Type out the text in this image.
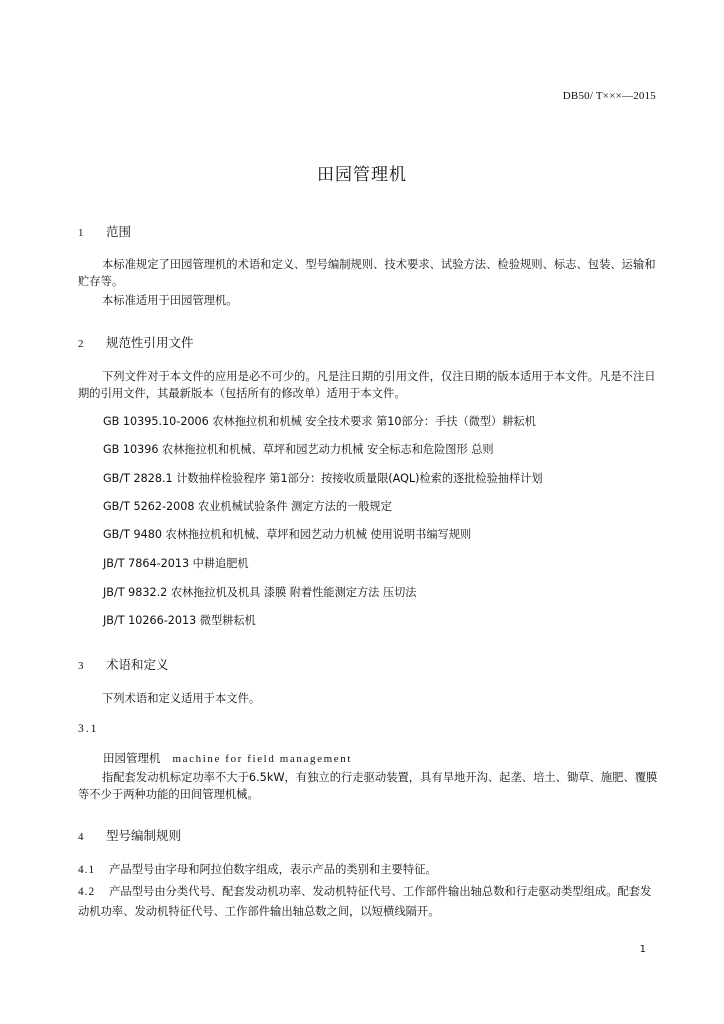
DB50/ T×××—2015
田园管理机
1 范围
本标准规定了田园管理机的术语和定义、型号编制规则、技术要求、试验方法、检验规则、标志、包装、运输和贮存等。
本标准适用于田园管理机。
2 规范性引用文件
下列文件对于本文件的应用是必不可少的。凡是注日期的引用文件，仅注日期的版本适用于本文件。凡是不注日期的引用文件，其最新版本（包括所有的修改单）适用于本文件。
GB 10395.10-2006 农林拖拉机和机械 安全技术要求 第10部分：手扶（微型）耕耘机
GB 10396 农林拖拉机和机械、草坪和园艺动力机械 安全标志和危险图形 总则
GB/T 2828.1 计数抽样检验程序 第1部分：按接收质量限(AQL)检索的逐批检验抽样计划
GB/T 5262-2008 农业机械试验条件 测定方法的一般规定
GB/T 9480 农林拖拉机和机械、草坪和园艺动力机械 使用说明书编写规则
JB/T 7864-2013 中耕追肥机
JB/T 9832.2 农林拖拉机及机具 漆膜 附着性能测定方法 压切法
JB/T 10266-2013 微型耕耘机
3 术语和定义
下列术语和定义适用于本文件。
3.1
田园管理机 machine for field management
指配套发动机标定功率不大于6.5kW，有独立的行走驱动装置，具有旱地开沟、起垄、培土、锄草、施肥、覆膜等不少于两种功能的田间管理机械。
4 型号编制规则
4.1 产品型号由字母和阿拉伯数字组成，表示产品的类别和主要特征。
4.2 产品型号由分类代号、配套发动机功率、发动机特征代号、工作部件输出轴总数和行走驱动类型组成。配套发动机功率、发动机特征代号、工作部件输出轴总数之间，以短横线隔开。
1
